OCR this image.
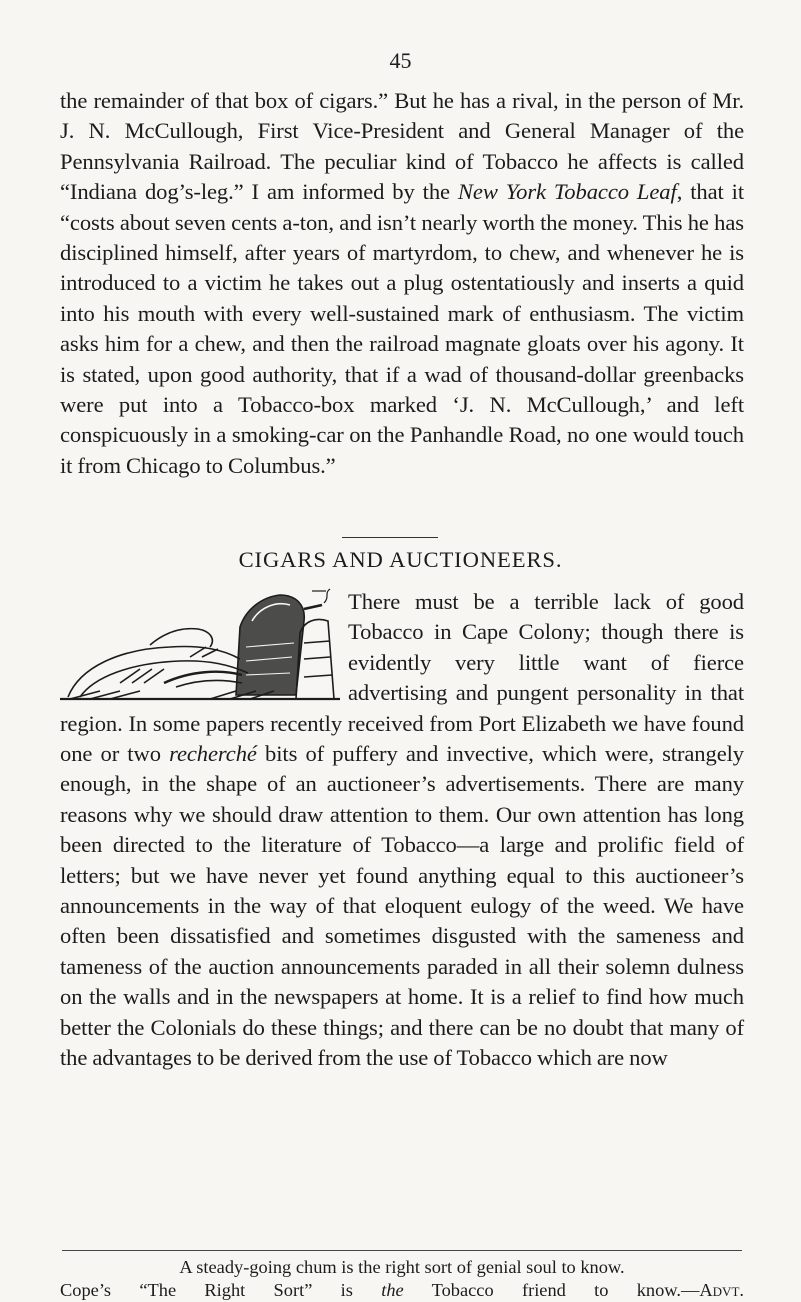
45

the remainder of that box of cigars.” But he has a rival, in the person of Mr. J. N. McCullough, First Vice-President and General Manager of the Pennsylvania Railroad. The peculiar kind of Tobacco he affects is called “Indiana dog’s-leg.” I am informed by the New York Tobacco Leaf, that it “costs about seven cents a-ton, and isn’t nearly worth the money. This he has disciplined himself, after years of martyrdom, to chew, and whenever he is introduced to a victim he takes out a plug ostentatiously and inserts a quid into his mouth with every well-sustained mark of enthusiasm. The victim asks him for a chew, and then the railroad magnate gloats over his agony. It is stated, upon good authority, that if a wad of thousand-dollar greenbacks were put into a Tobacco-box marked ‘J. N. McCullough,’ and left conspicuously in a smoking-car on the Panhandle Road, no one would touch it from Chicago to Columbus.”

CIGARS AND AUCTIONEERS.

There must be a terrible lack of good Tobacco in Cape Colony; though there is evidently very little want of fierce advertising and pungent personality in that region. In some papers recently received from Port Elizabeth we have found one or two recherché bits of puffery and invective, which were, strangely enough, in the shape of an auctioneer’s advertisements. There are many reasons why we should draw attention to them. Our own attention has long been directed to the literature of Tobacco—a large and prolific field of letters; but we have never yet found anything equal to this auctioneer’s announcements in the way of that eloquent eulogy of the weed. We have often been dissatisfied and sometimes disgusted with the sameness and tameness of the auction announcements paraded in all their solemn dulness on the walls and in the newspapers at home. It is a relief to find how much better the Colonials do these things; and there can be no doubt that many of the advantages to be derived from the use of Tobacco which are now

A steady-going chum is the right sort of genial soul to know.
Cope’s “The Right Sort” is the Tobacco friend to know.—Advt.
